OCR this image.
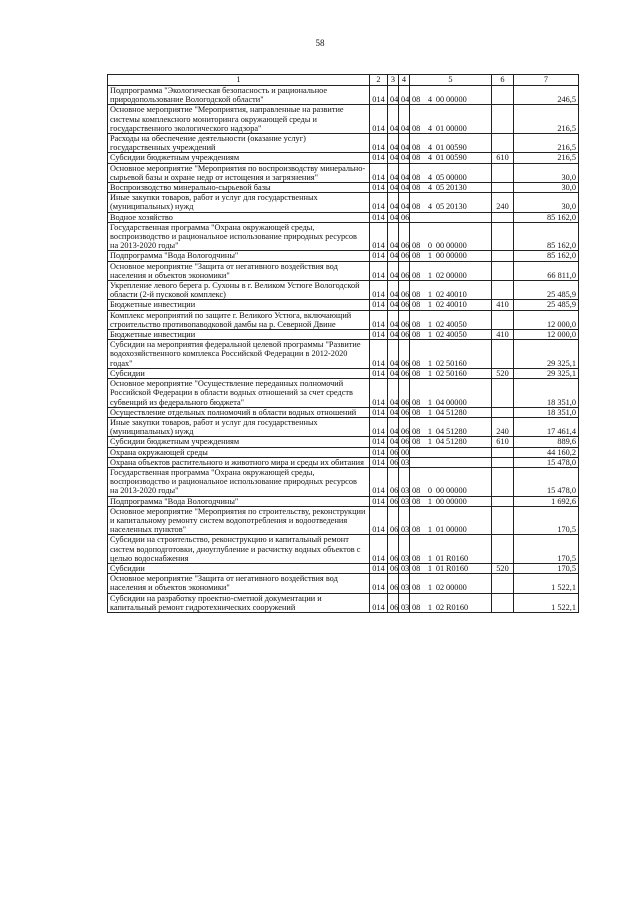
58
1	2	3	4	5	6	7
Подпрограмма "Экологическая безопасность и рациональное природопользование Вологодской области"	014	04	04	08 4 00 00000		246,5
Основное мероприятие "Мероприятия, направленные на развитие системы комплексного мониторинга окружающей среды и государственного экологического надзора"	014	04	04	08 4 01 00000		216,5
Расходы на обеспечение деятельности (оказание услуг) государственных учреждений	014	04	04	08 4 01 00590		216,5
Субсидии бюджетным учреждениям	014	04	04	08 4 01 00590	610	216,5
Основное мероприятие "Мероприятия по воспроизводству минерально-сырьевой базы и охране недр от истощения и загрязнения"	014	04	04	08 4 05 00000		30,0
Воспроизводство минерально-сырьевой базы	014	04	04	08 4 05 20130		30,0
Иные закупки товаров, работ и услуг для государственных (муниципальных) нужд	014	04	04	08 4 05 20130	240	30,0
Водное хозяйство	014	04	06			85 162,0
Государственная программа "Охрана окружающей среды, воспроизводство и рациональное использование природных ресурсов на 2013-2020 годы"	014	04	06	08 0 00 00000		85 162,0
Подпрограмма "Вода Вологодчины"	014	04	06	08 1 00 00000		85 162,0
Основное мероприятие "Защита от негативного воздействия вод населения и объектов экономики"	014	04	06	08 1 02 00000		66 811,0
Укрепление левого берега р. Сухоны в г. Великом Устюге Вологодской области (2-й пусковой комплекс)	014	04	06	08 1 02 40010		25 485,9
Бюджетные инвестиции	014	04	06	08 1 02 40010	410	25 485,9
Комплекс мероприятий по защите г. Великого Устюга, включающий строительство противопаводковой дамбы на р. Северной Двине	014	04	06	08 1 02 40050		12 000,0
Бюджетные инвестиции	014	04	06	08 1 02 40050	410	12 000,0
Субсидии на мероприятия федеральной целевой программы "Развитие водохозяйственного комплекса Российской Федерации в 2012-2020 годах"	014	04	06	08 1 02 50160		29 325,1
Субсидии	014	04	06	08 1 02 50160	520	29 325,1
Основное мероприятие "Осуществление переданных полномочий Российской Федерации в области водных отношений за счет средств субвенций из федерального бюджета"	014	04	06	08 1 04 00000		18 351,0
Осуществление отдельных полномочий в области водных отношений	014	04	06	08 1 04 51280		18 351,0
Иные закупки товаров, работ и услуг для государственных (муниципальных) нужд	014	04	06	08 1 04 51280	240	17 461,4
Субсидии бюджетным учреждениям	014	04	06	08 1 04 51280	610	889,6
Охрана окружающей среды	014	06	00			44 160,2
Охрана объектов растительного и животного мира и среды их обитания	014	06	03			15 478,0
Государственная программа "Охрана окружающей среды, воспроизводство и рациональное использование природных ресурсов на 2013-2020 годы"	014	06	03	08 0 00 00000		15 478,0
Подпрограмма "Вода Вологодчины"	014	06	03	08 1 00 00000		1 692,6
Основное мероприятие "Мероприятия по строительству, реконструкции и капитальному ремонту систем водопотребления и водоотведения населенных пунктов"	014	06	03	08 1 01 00000		170,5
Субсидии на строительство, реконструкцию и капитальный ремонт систем водоподготовки, дноуглубление и расчистку водных объектов с целью водоснабжения	014	06	03	08 1 01 R0160		170,5
Субсидии	014	06	03	08 1 01 R0160	520	170,5
Основное мероприятие "Защита от негативного воздействия вод населения и объектов экономики"	014	06	03	08 1 02 00000		1 522,1
Субсидии на разработку проектно-сметной документации и капитальный ремонт гидротехнических сооружений	014	06	03	08 1 02 R0160		1 522,1
